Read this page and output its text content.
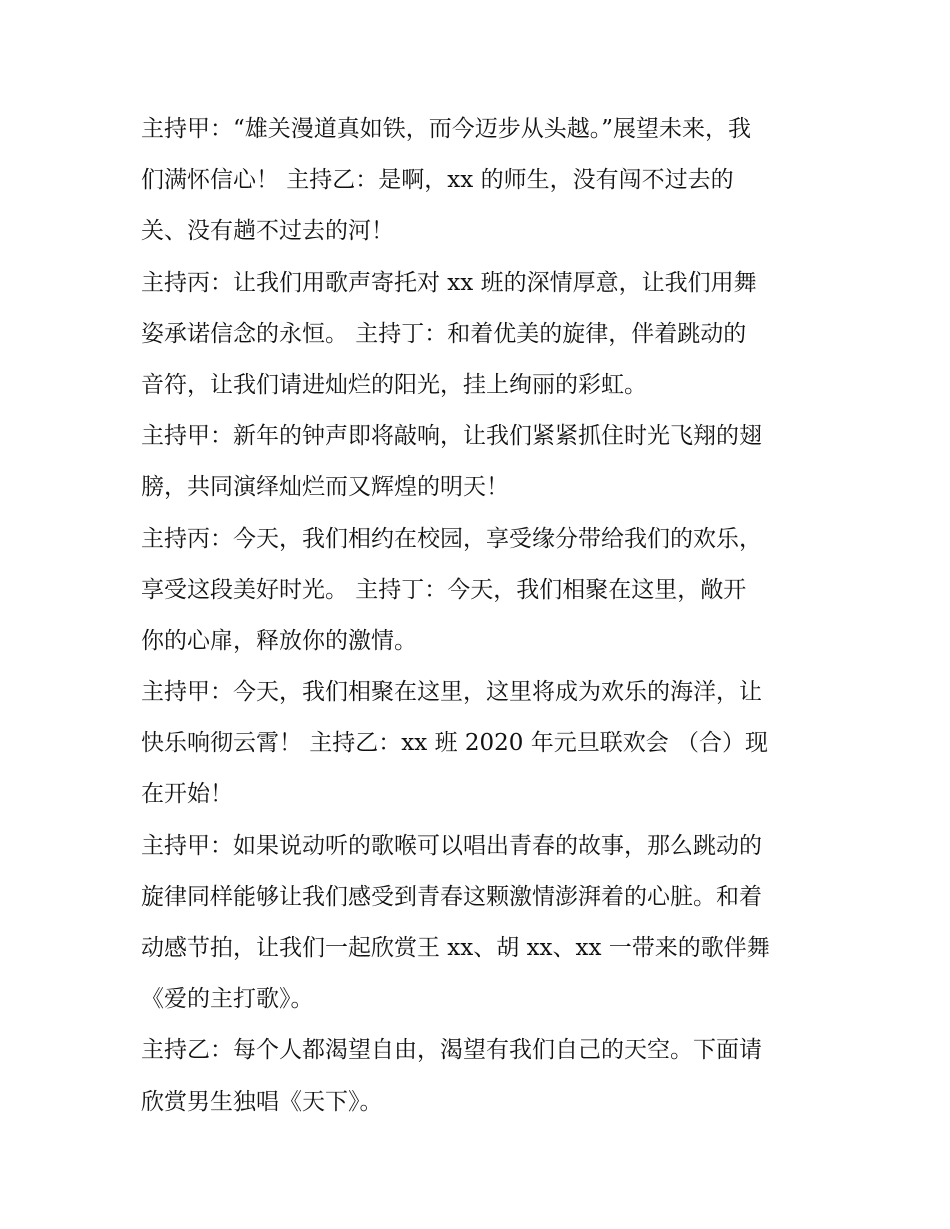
主持甲：“雄关漫道真如铁，而今迈步从头越。”展望未来，我
们满怀信心！ 主持乙：是啊，xx 的师生，没有闯不过去的
关、没有趟不过去的河！
主持丙：让我们用歌声寄托对 xx 班的深情厚意，让我们用舞
姿承诺信念的永恒。 主持丁：和着优美的旋律，伴着跳动的
音符，让我们请进灿烂的阳光，挂上绚丽的彩虹。
主持甲：新年的钟声即将敲响，让我们紧紧抓住时光飞翔的翅
膀，共同演绎灿烂而又辉煌的明天！
主持丙：今天，我们相约在校园，享受缘分带给我们的欢乐，
享受这段美好时光。 主持丁：今天，我们相聚在这里，敞开
你的心扉，释放你的激情。
主持甲：今天，我们相聚在这里，这里将成为欢乐的海洋，让
快乐响彻云霄！ 主持乙：xx 班 2020 年元旦联欢会 （合）现
在开始！
主持甲：如果说动听的歌喉可以唱出青春的故事，那么跳动的
旋律同样能够让我们感受到青春这颗激情澎湃着的心脏。和着
动感节拍，让我们一起欣赏王 xx、胡 xx、xx 一带来的歌伴舞
《爱的主打歌》。
主持乙：每个人都渴望自由，渴望有我们自己的天空。下面请
欣赏男生独唱《天下》。
